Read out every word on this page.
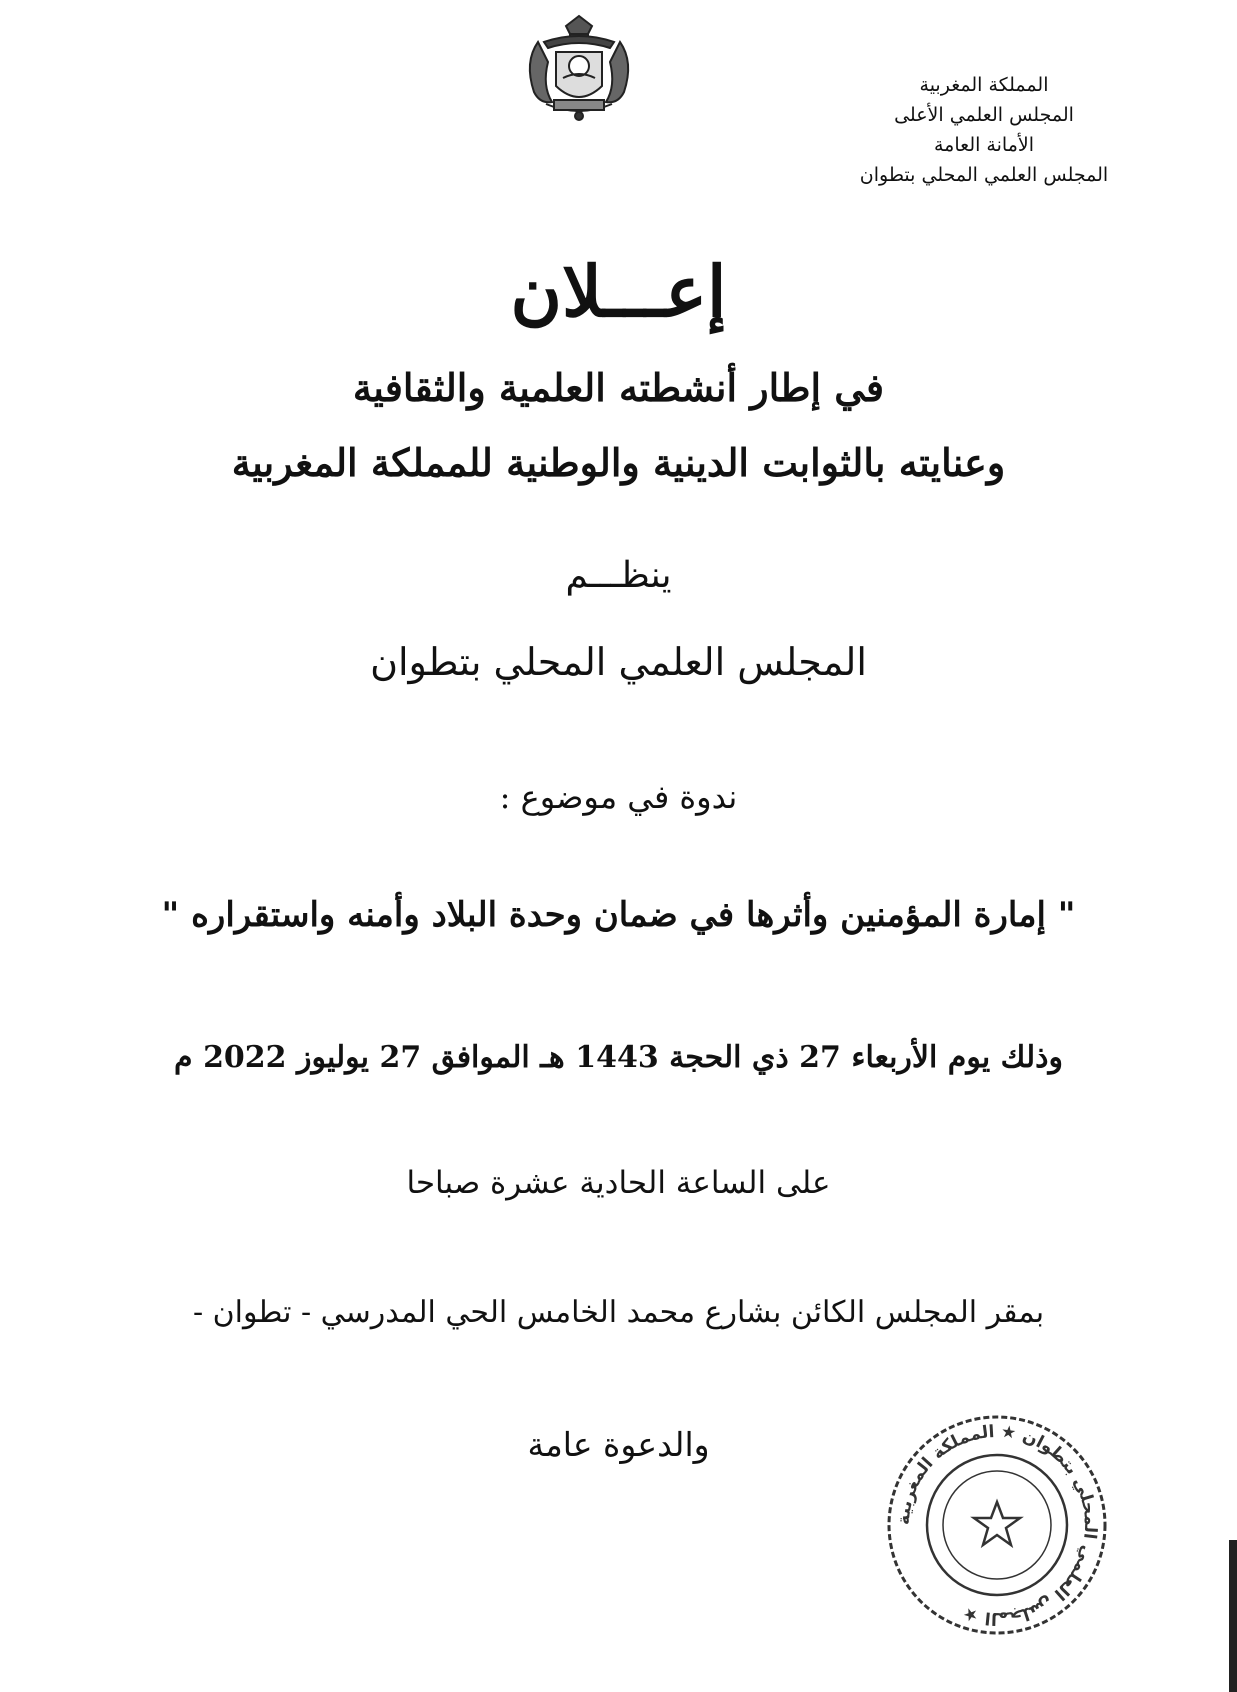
المملكة المغربية
المجلس العلمي الأعلى
الأمانة العامة
المجلس العلمي المحلي بتطوان
إعـــلان
في إطار أنشطته العلمية والثقافية
وعنايته بالثوابت الدينية والوطنية للمملكة المغربية
ينظـــم
المجلس العلمي المحلي بتطوان
ندوة في موضوع :
" إمارة المؤمنين وأثرها في ضمان وحدة البلاد وأمنه واستقراره "
وذلك يوم الأربعاء 27 ذي الحجة 1443 هـ الموافق 27 يوليوز 2022 م
على الساعة الحادية عشرة صباحا
بمقر المجلس الكائن بشارع محمد الخامس الحي المدرسي - تطوان -
والدعوة عامة
المجلس العلمي المحلي بتطوان ★ المملكة المغربية ★
